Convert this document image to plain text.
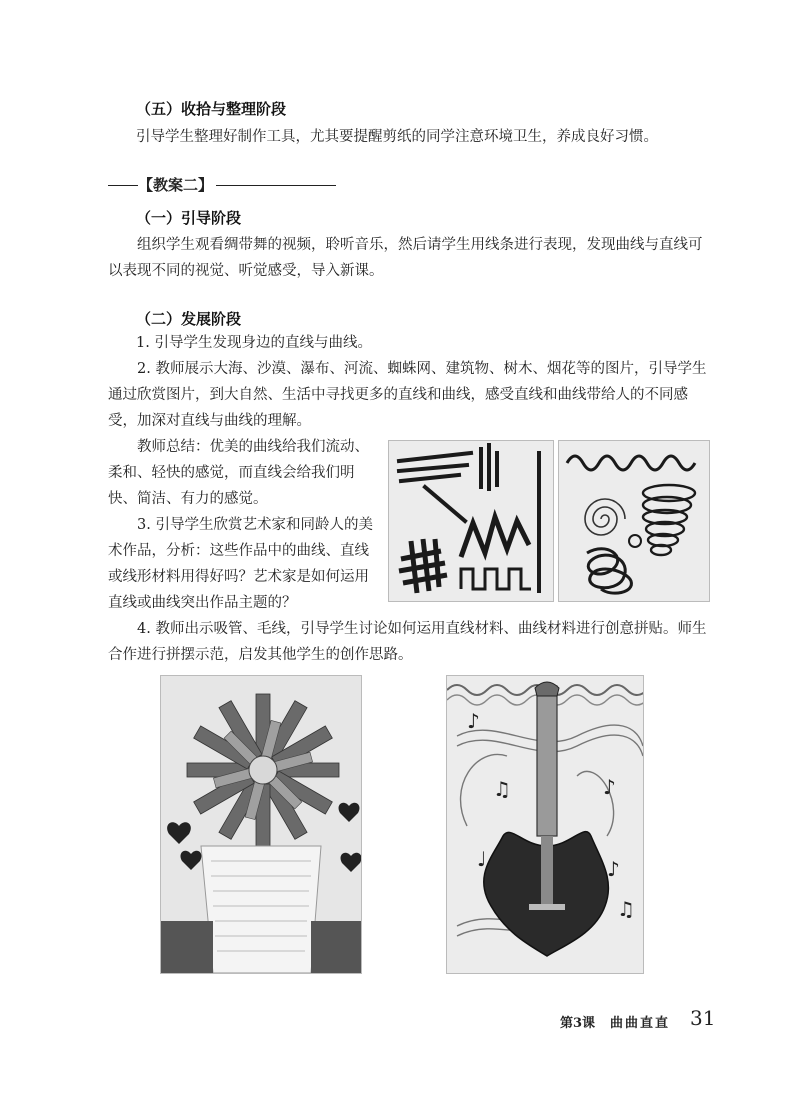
（五）收拾与整理阶段
引导学生整理好制作工具，尤其要提醒剪纸的同学注意环境卫生，养成良好习惯。
【教案二】
（一）引导阶段
组织学生观看绸带舞的视频，聆听音乐，然后请学生用线条进行表现，发现曲线与直线可以表现不同的视觉、听觉感受，导入新课。
（二）发展阶段
1. 引导学生发现身边的直线与曲线。
2. 教师展示大海、沙漠、瀑布、河流、蜘蛛网、建筑物、树木、烟花等的图片，引导学生通过欣赏图片，到大自然、生活中寻找更多的直线和曲线，感受直线和曲线带给人的不同感受，加深对直线与曲线的理解。
教师总结：优美的曲线给我们流动、柔和、轻快的感觉，而直线会给我们明快、简洁、有力的感觉。
3. 引导学生欣赏艺术家和同龄人的美术作品，分析：这些作品中的曲线、直线或线形材料用得好吗？艺术家是如何运用直线或曲线突出作品主题的？
4. 教师出示吸管、毛线，引导学生讨论如何运用直线材料、曲线材料进行创意拼贴。师生合作进行拼摆示范，启发其他学生的创作思路。
♪
♫	♪
♪
♩
♫
第3课 曲曲直直 31
